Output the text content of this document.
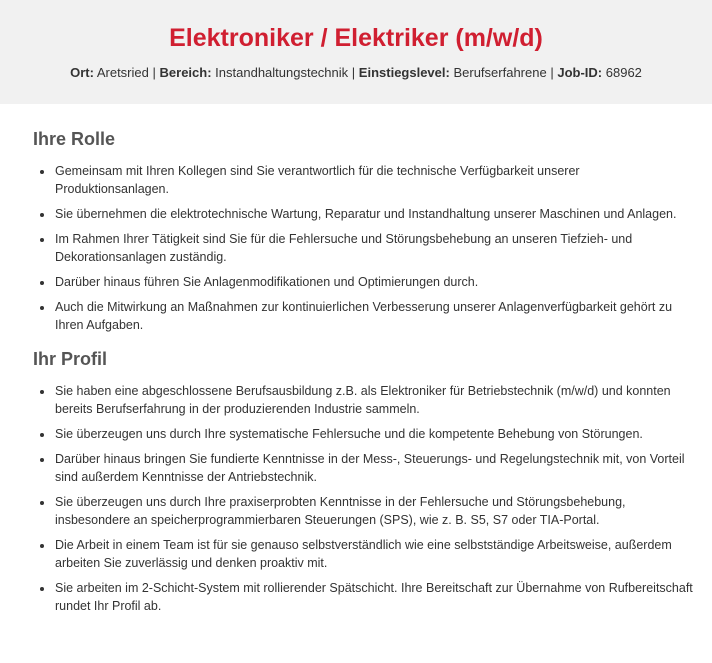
Elektroniker / Elektriker (m/w/d)
Ort: Aretsried | Bereich: Instandhaltungstechnik | Einstiegslevel: Berufserfahrene | Job-ID: 68962
Ihre Rolle
• Gemeinsam mit Ihren Kollegen sind Sie verantwortlich für die technische Verfügbarkeit unserer Produktionsanlagen.
• Sie übernehmen die elektrotechnische Wartung, Reparatur und Instandhaltung unserer Maschinen und Anlagen.
• Im Rahmen Ihrer Tätigkeit sind Sie für die Fehlersuche und Störungsbehebung an unseren Tiefzieh- und Dekorationsanlagen zuständig.
• Darüber hinaus führen Sie Anlagenmodifikationen und Optimierungen durch.
• Auch die Mitwirkung an Maßnahmen zur kontinuierlichen Verbesserung unserer Anlagenverfügbarkeit gehört zu Ihren Aufgaben.
Ihr Profil
• Sie haben eine abgeschlossene Berufsausbildung z.B. als Elektroniker für Betriebstechnik (m/w/d) und konnten bereits Berufserfahrung in der produzierenden Industrie sammeln.
• Sie überzeugen uns durch Ihre systematische Fehlersuche und die kompetente Behebung von Störungen.
• Darüber hinaus bringen Sie fundierte Kenntnisse in der Mess-, Steuerungs- und Regelungstechnik mit, von Vorteil sind außerdem Kenntnisse der Antriebstechnik.
• Sie überzeugen uns durch Ihre praxiserprobten Kenntnisse in der Fehlersuche und Störungsbehebung, insbesondere an speicherprogrammierbaren Steuerungen (SPS), wie z. B. S5, S7 oder TIA-Portal.
• Die Arbeit in einem Team ist für sie genauso selbstverständlich wie eine selbstständige Arbeitsweise, außerdem arbeiten Sie zuverlässig und denken proaktiv mit.
• Sie arbeiten im 2-Schicht-System mit rollierender Spätschicht. Ihre Bereitschaft zur Übernahme von Rufbereitschaft rundet Ihr Profil ab.
